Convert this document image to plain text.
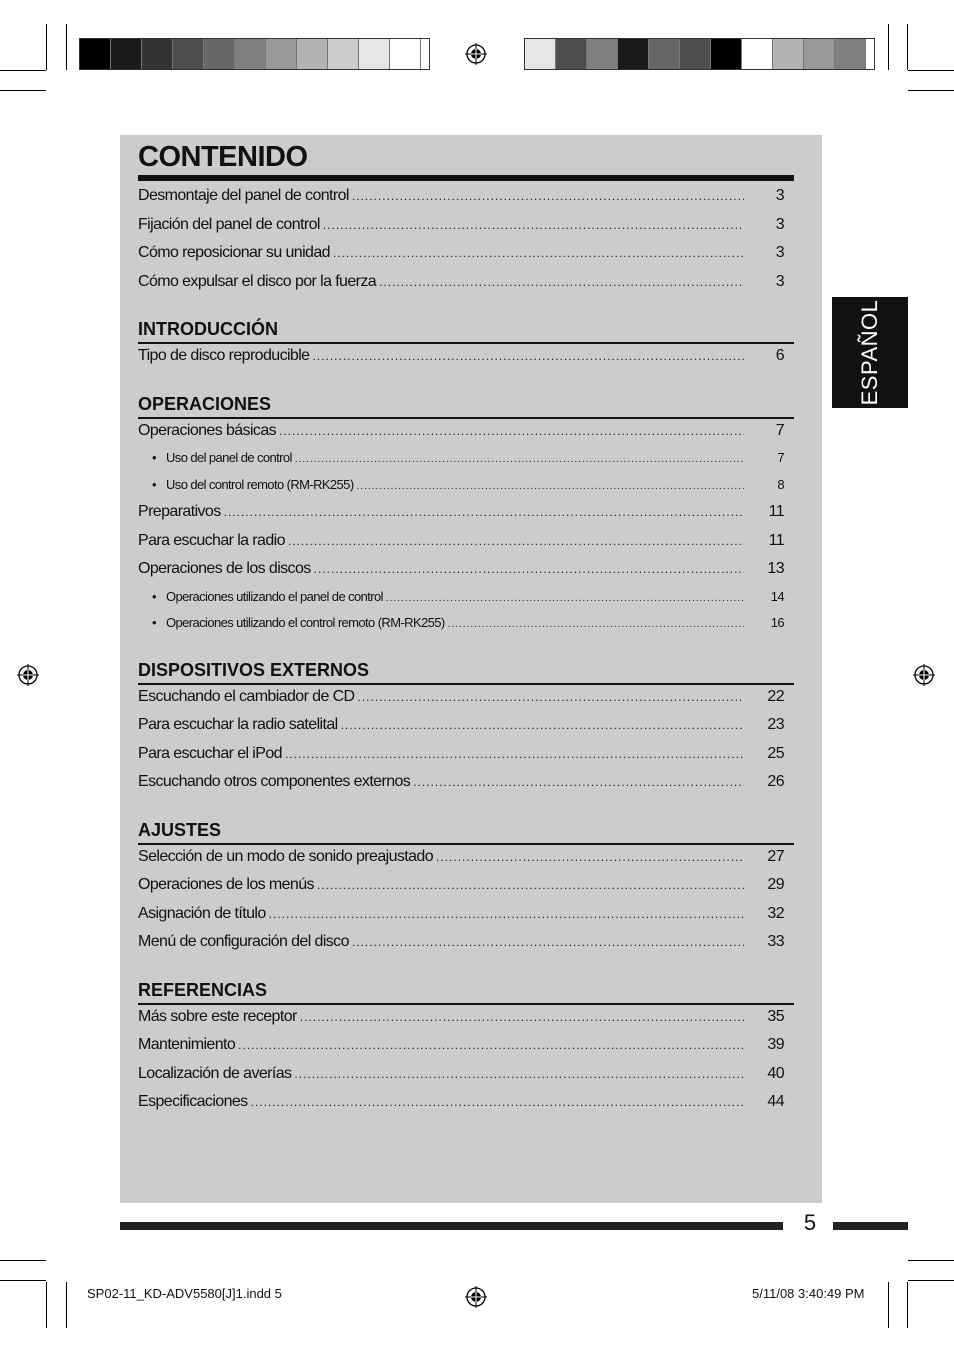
ESPAÑOL
CONTENIDO
Desmontaje del panel de control .....	3
Fijación del panel de control .....	3
Cómo reposicionar su unidad .....	3
Cómo expulsar el disco por la fuerza .....	3
INTRODUCCIÓN
Tipo de disco reproducible .....	6
OPERACIONES
Operaciones básicas .....	7
• Uso del panel de control .....	7
• Uso del control remoto (RM-RK255) .....	8
Preparativos .....	11
Para escuchar la radio .....	11
Operaciones de los discos .....	13
• Operaciones utilizando el panel de control .....	14
• Operaciones utilizando el control remoto (RM-RK255) .....	16
DISPOSITIVOS EXTERNOS
Escuchando el cambiador de CD .....	22
Para escuchar la radio satelital .....	23
Para escuchar el iPod .....	25
Escuchando otros componentes externos .....	26
AJUSTES
Selección de un modo de sonido preajustado .....	27
Operaciones de los menús .....	29
Asignación de título .....	32
Menú de configuración del disco .....	33
REFERENCIAS
Más sobre este receptor .....	35
Mantenimiento .....	39
Localización de averías .....	40
Especificaciones .....	44
5
SP02-11_KD-ADV5580[J]1.indd 5	5/11/08 3:40:49 PM
